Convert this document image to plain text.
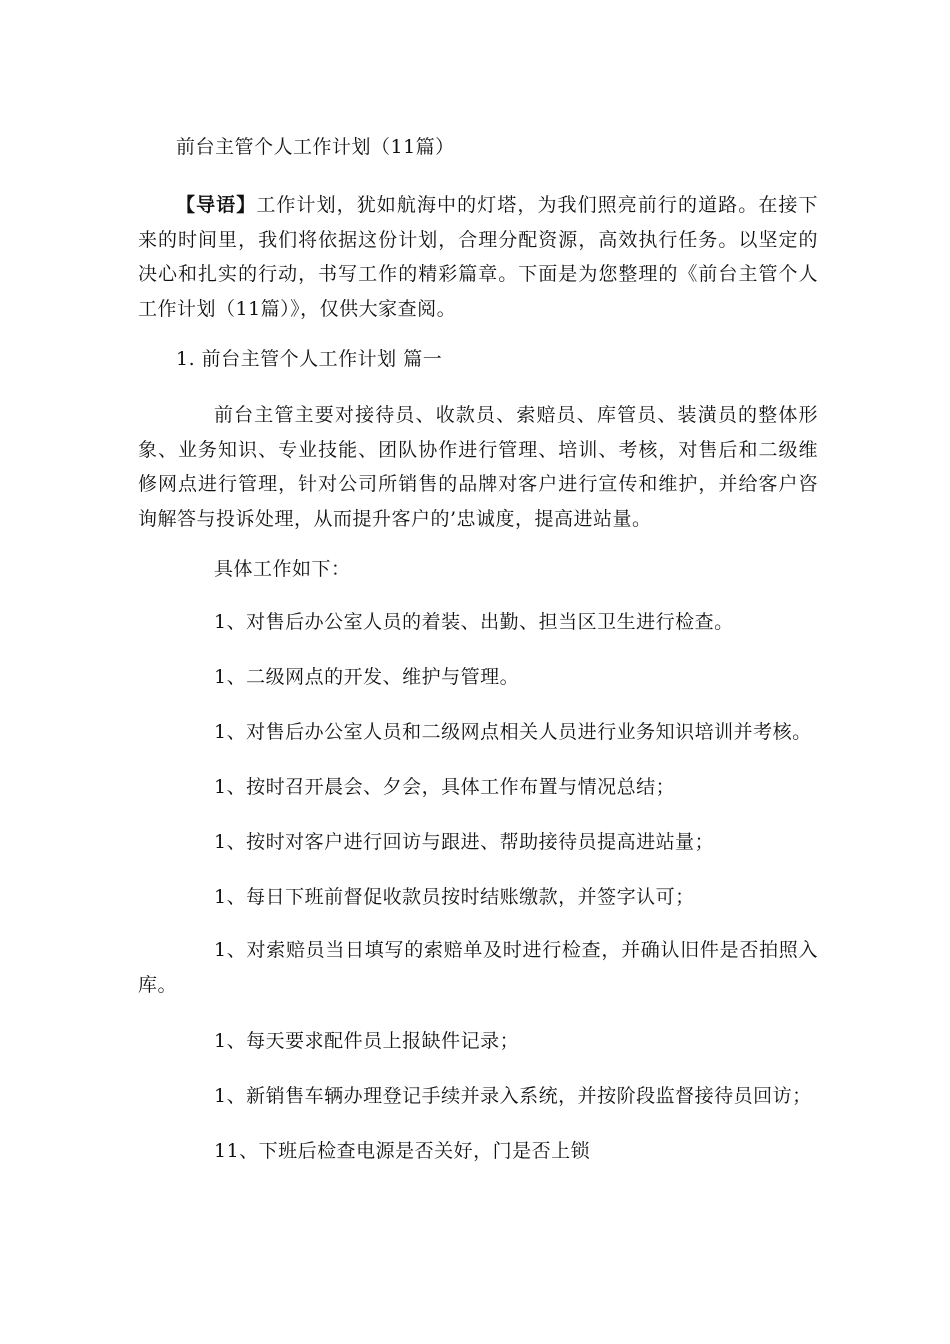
前台主管个人工作计划（11篇）
【导语】工作计划，犹如航海中的灯塔，为我们照亮前行的道路。在接下来的时间里，我们将依据这份计划，合理分配资源，高效执行任务。以坚定的决心和扎实的行动，书写工作的精彩篇章。下面是为您整理的《前台主管个人工作计划（11篇）》，仅供大家查阅。
1. 前台主管个人工作计划 篇一
前台主管主要对接待员、收款员、索赔员、库管员、装潢员的整体形象、业务知识、专业技能、团队协作进行管理、培训、考核，对售后和二级维修网点进行管理，针对公司所销售的品牌对客户进行宣传和维护，并给客户咨询解答与投诉处理，从而提升客户的’忠诚度，提高进站量。
具体工作如下：
1、对售后办公室人员的着装、出勤、担当区卫生进行检查。
1、二级网点的开发、维护与管理。
1、对售后办公室人员和二级网点相关人员进行业务知识培训并考核。
1、按时召开晨会、夕会，具体工作布置与情况总结；
1、按时对客户进行回访与跟进、帮助接待员提高进站量；
1、每日下班前督促收款员按时结账缴款，并签字认可；
1、对索赔员当日填写的索赔单及时进行检查，并确认旧件是否拍照入库。
1、每天要求配件员上报缺件记录；
1、新销售车辆办理登记手续并录入系统，并按阶段监督接待员回访；
11、下班后检查电源是否关好，门是否上锁
